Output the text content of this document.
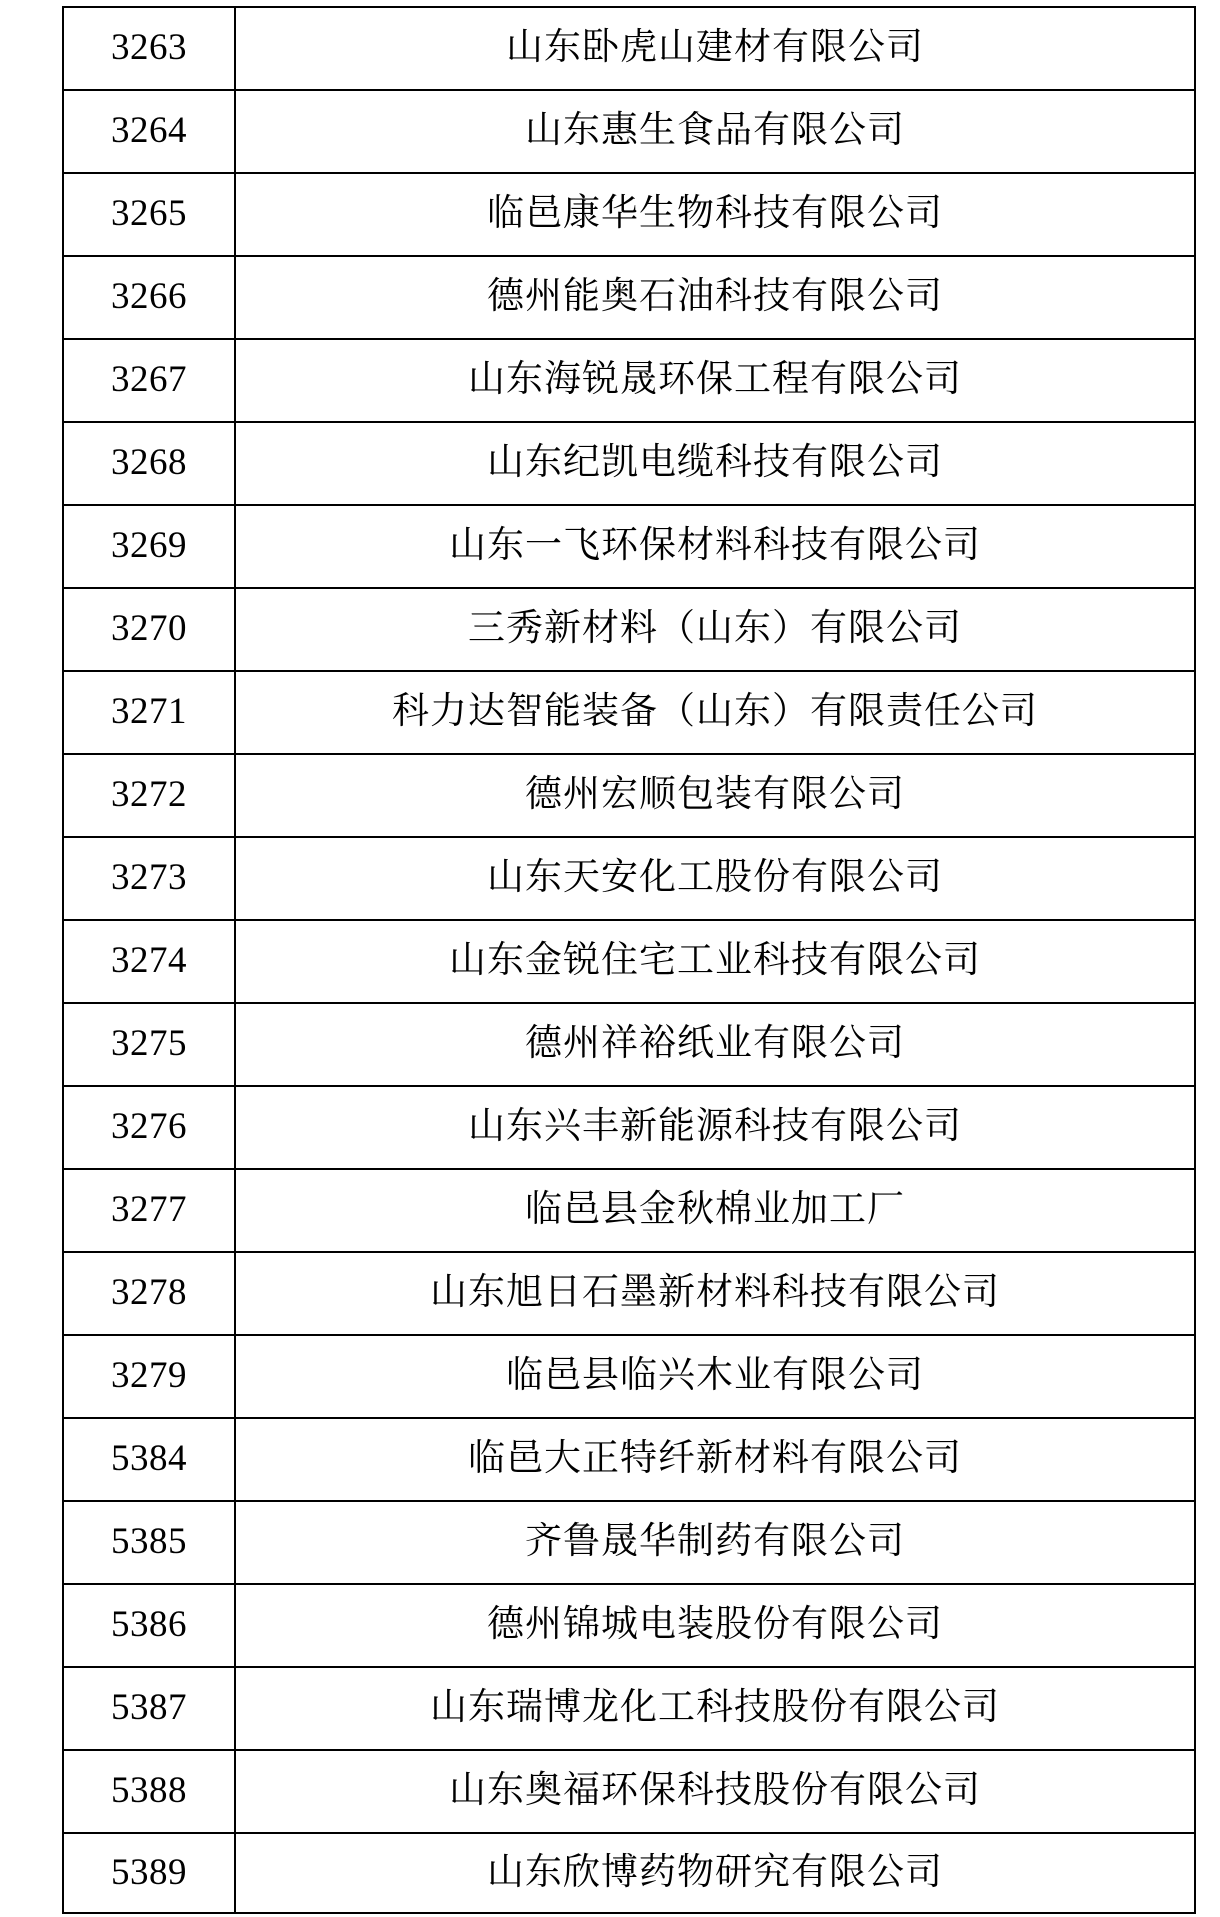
3263	山东卧虎山建材有限公司
3264	山东惠生食品有限公司
3265	临邑康华生物科技有限公司
3266	德州能奥石油科技有限公司
3267	山东海锐晟环保工程有限公司
3268	山东纪凯电缆科技有限公司
3269	山东一飞环保材料科技有限公司
3270	三秀新材料（山东）有限公司
3271	科力达智能装备（山东）有限责任公司
3272	德州宏顺包装有限公司
3273	山东天安化工股份有限公司
3274	山东金锐住宅工业科技有限公司
3275	德州祥裕纸业有限公司
3276	山东兴丰新能源科技有限公司
3277	临邑县金秋棉业加工厂
3278	山东旭日石墨新材料科技有限公司
3279	临邑县临兴木业有限公司
5384	临邑大正特纤新材料有限公司
5385	齐鲁晟华制药有限公司
5386	德州锦城电装股份有限公司
5387	山东瑞博龙化工科技股份有限公司
5388	山东奥福环保科技股份有限公司
5389	山东欣博药物研究有限公司
